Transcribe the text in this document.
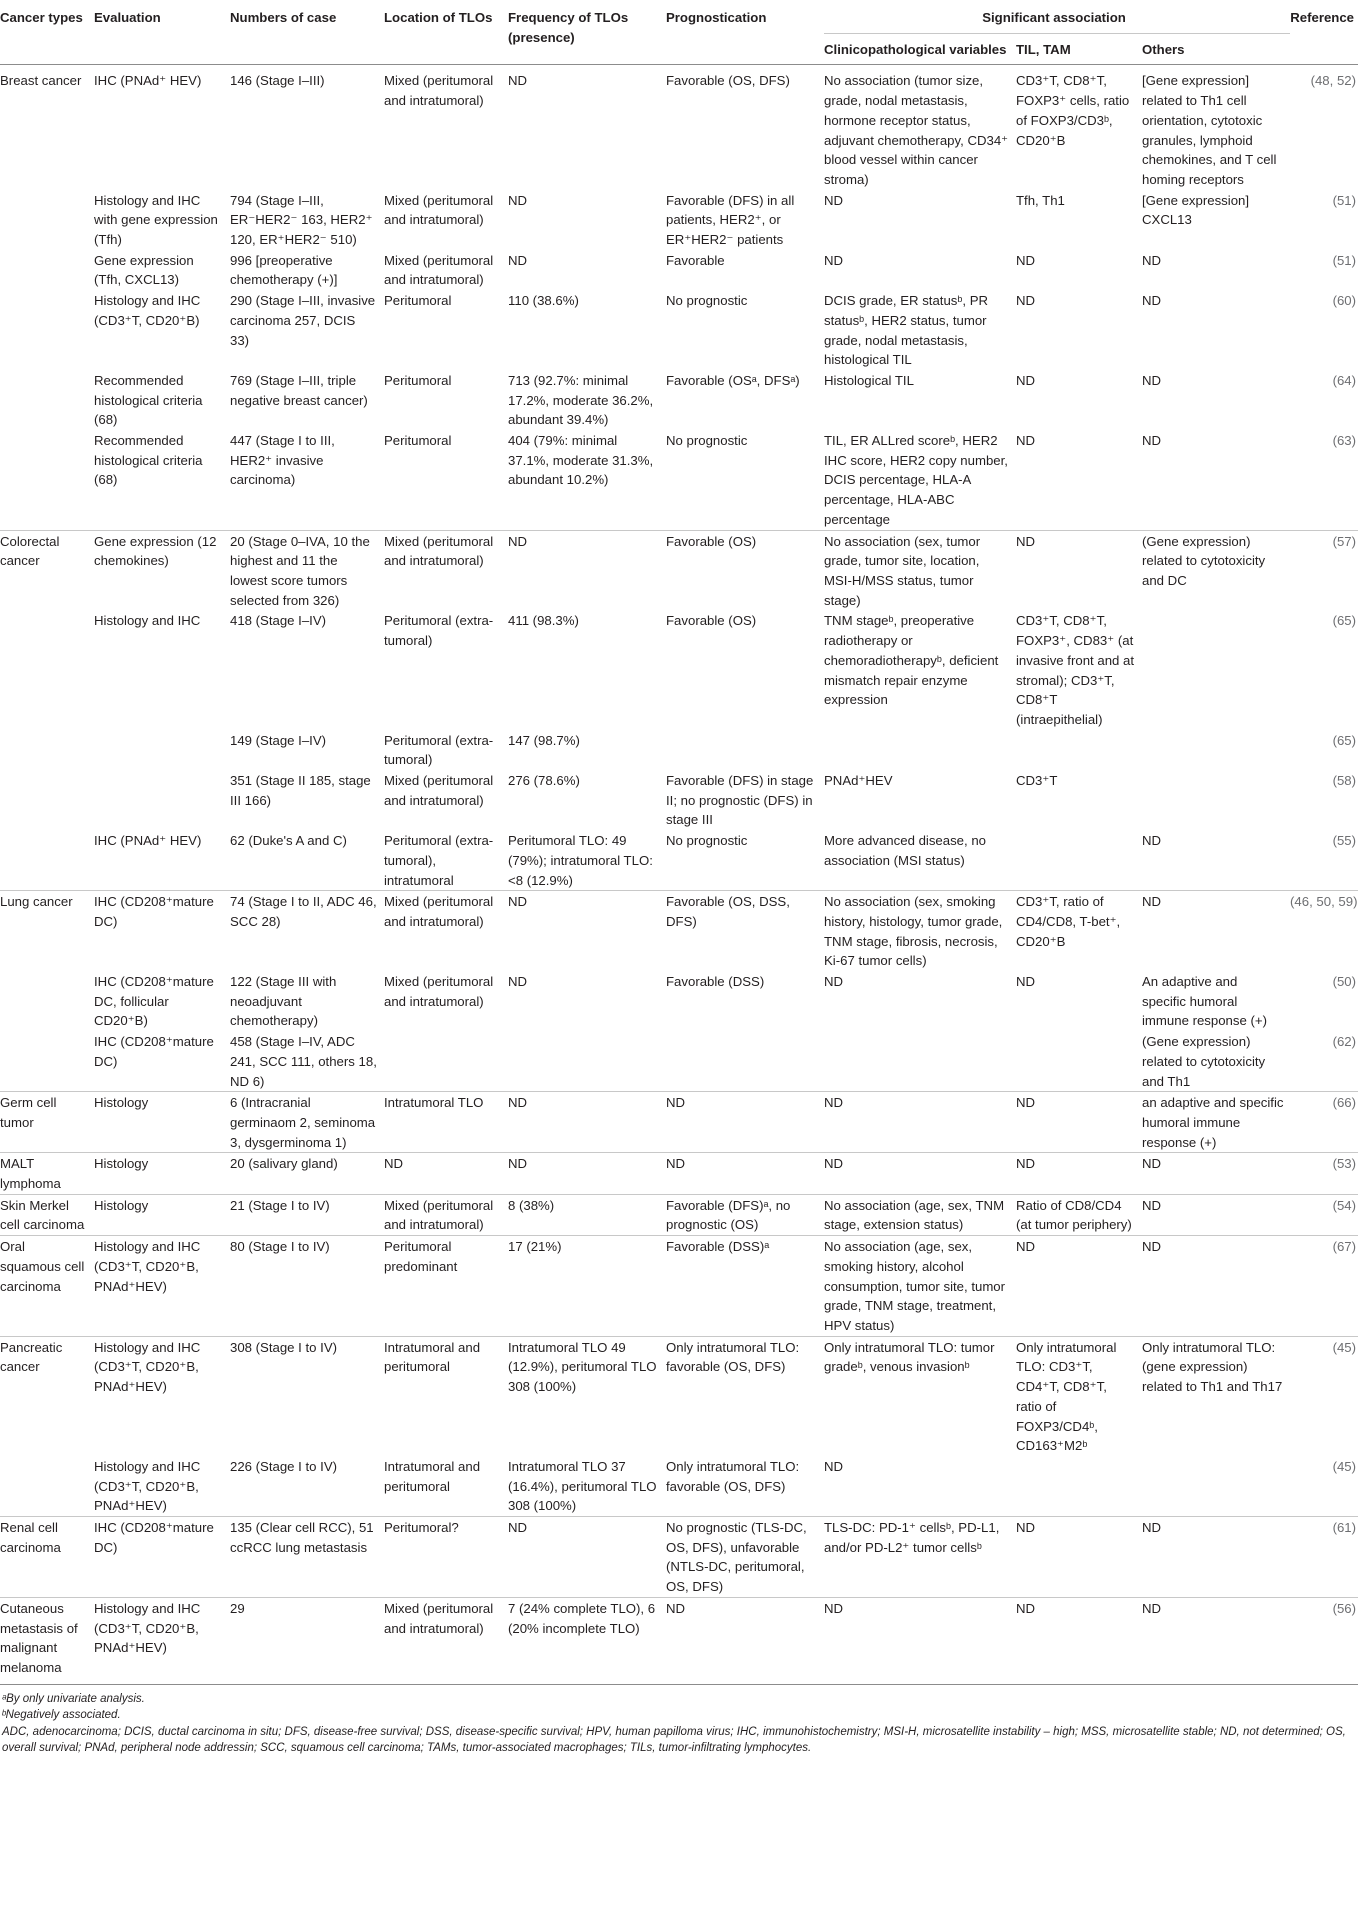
Cancer types	Evaluation	Numbers of case	Location of TLOs	Frequency of TLOs (presence)	Prognostication	Significant association			Reference
						Clinicopathological variables	TIL, TAM	Others	
Breast cancer	IHC (PNAd⁺ HEV)	146 (Stage I–III)	Mixed (peritumoral and intratumoral)	ND	Favorable (OS, DFS)	No association (tumor size, grade, nodal metastasis, hormone receptor status, adjuvant chemotherapy, CD34⁺ blood vessel within cancer stroma)	CD3⁺T, CD8⁺T, FOXP3⁺ cells, ratio of FOXP3/CD3ᵇ, CD20⁺B	[Gene expression] related to Th1 cell orientation, cytotoxic granules, lymphoid chemokines, and T cell homing receptors	(48, 52)
	Histology and IHC with gene expression (Tfh)	794 (Stage I–III, ER⁻HER2⁻ 163, HER2⁺ 120, ER⁺HER2⁻ 510)	Mixed (peritumoral and intratumoral)	ND	Favorable (DFS) in all patients, HER2⁺, or ER⁺HER2⁻ patients	ND	Tfh, Th1	[Gene expression] CXCL13	(51)
	Gene expression (Tfh, CXCL13)	996 [preoperative chemotherapy (+)]	Mixed (peritumoral and intratumoral)	ND	Favorable	ND	ND	ND	(51)
	Histology and IHC (CD3⁺T, CD20⁺B)	290 (Stage I–III, invasive carcinoma 257, DCIS 33)	Peritumoral	110 (38.6%)	No prognostic	DCIS grade, ER statusᵇ, PR statusᵇ, HER2 status, tumor grade, nodal metastasis, histological TIL	ND	ND	(60)
	Recommended histological criteria (68)	769 (Stage I–III, triple negative breast cancer)	Peritumoral	713 (92.7%: minimal 17.2%, moderate 36.2%, abundant 39.4%)	Favorable (OSᵃ, DFSᵃ)	Histological TIL	ND	ND	(64)
	Recommended histological criteria (68)	447 (Stage I to III, HER2⁺ invasive carcinoma)	Peritumoral	404 (79%: minimal 37.1%, moderate 31.3%, abundant 10.2%)	No prognostic	TIL, ER ALLred scoreᵇ, HER2 IHC score, HER2 copy number, DCIS percentage, HLA-A percentage, HLA-ABC percentage	ND	ND	(63)
Colorectal cancer	Gene expression (12 chemokines)	20 (Stage 0–IVA, 10 the highest and 11 the lowest score tumors selected from 326)	Mixed (peritumoral and intratumoral)	ND	Favorable (OS)	No association (sex, tumor grade, tumor site, location, MSI-H/MSS status, tumor stage)	ND	(Gene expression) related to cytotoxicity and DC	(57)
	Histology and IHC	418 (Stage I–IV)	Peritumoral (extra-tumoral)	411 (98.3%)	Favorable (OS)	TNM stageᵇ, preoperative radiotherapy or chemoradiotherapyᵇ, deficient mismatch repair enzyme expression	CD3⁺T, CD8⁺T, FOXP3⁺, CD83⁺ (at invasive front and at stromal); CD3⁺T, CD8⁺T (intraepithelial)		(65)
		149 (Stage I–IV)	Peritumoral (extra-tumoral)	147 (98.7%)					(65)
		351 (Stage II 185, stage III 166)	Mixed (peritumoral and intratumoral)	276 (78.6%)	Favorable (DFS) in stage II; no prognostic (DFS) in stage III	PNAd⁺HEV	CD3⁺T		(58)
	IHC (PNAd⁺ HEV)	62 (Duke's A and C)	Peritumoral (extra-tumoral), intratumoral	Peritumoral TLO: 49 (79%); intratumoral TLO: <8 (12.9%)	No prognostic	More advanced disease, no association (MSI status)		ND	(55)
Lung cancer	IHC (CD208⁺mature DC)	74 (Stage I to II, ADC 46, SCC 28)	Mixed (peritumoral and intratumoral)	ND	Favorable (OS, DSS, DFS)	No association (sex, smoking history, histology, tumor grade, TNM stage, fibrosis, necrosis, Ki-67 tumor cells)	CD3⁺T, ratio of CD4/CD8, T-bet⁺, CD20⁺B	ND	(46, 50, 59)
	IHC (CD208⁺mature DC, follicular CD20⁺B)	122 (Stage III with neoadjuvant chemotherapy)	Mixed (peritumoral and intratumoral)	ND	Favorable (DSS)	ND	ND	An adaptive and specific humoral immune response (+)	(50)
	IHC (CD208⁺mature DC)	458 (Stage I–IV, ADC 241, SCC 111, others 18, ND 6)						(Gene expression) related to cytotoxicity and Th1	(62)
Germ cell tumor	Histology	6 (Intracranial germinaom 2, seminoma 3, dysgerminoma 1)	Intratumoral TLO	ND	ND	ND	ND	an adaptive and specific humoral immune response (+)	(66)
MALT lymphoma	Histology	20 (salivary gland)	ND	ND	ND	ND	ND	ND	(53)
Skin Merkel cell carcinoma	Histology	21 (Stage I to IV)	Mixed (peritumoral and intratumoral)	8 (38%)	Favorable (DFS)ᵃ, no prognostic (OS)	No association (age, sex, TNM stage, extension status)	Ratio of CD8/CD4 (at tumor periphery)	ND	(54)
Oral squamous cell carcinoma	Histology and IHC (CD3⁺T, CD20⁺B, PNAd⁺HEV)	80 (Stage I to IV)	Peritumoral predominant	17 (21%)	Favorable (DSS)ᵃ	No association (age, sex, smoking history, alcohol consumption, tumor site, tumor grade, TNM stage, treatment, HPV status)	ND	ND	(67)
Pancreatic cancer	Histology and IHC (CD3⁺T, CD20⁺B, PNAd⁺HEV)	308 (Stage I to IV)	Intratumoral and peritumoral	Intratumoral TLO 49 (12.9%), peritumoral TLO 308 (100%)	Only intratumoral TLO: favorable (OS, DFS)	Only intratumoral TLO: tumor gradeᵇ, venous invasionᵇ	Only intratumoral TLO: CD3⁺T, CD4⁺T, CD8⁺T, ratio of FOXP3/CD4ᵇ, CD163⁺M2ᵇ	Only intratumoral TLO: (gene expression) related to Th1 and Th17	(45)
	Histology and IHC (CD3⁺T, CD20⁺B, PNAd⁺HEV)	226 (Stage I to IV)	Intratumoral and peritumoral	Intratumoral TLO 37 (16.4%), peritumoral TLO 308 (100%)	Only intratumoral TLO: favorable (OS, DFS)	ND			(45)
Renal cell carcinoma	IHC (CD208⁺mature DC)	135 (Clear cell RCC), 51 ccRCC lung metastasis	Peritumoral?	ND	No prognostic (TLS-DC, OS, DFS), unfavorable (NTLS-DC, peritumoral, OS, DFS)	TLS-DC: PD-1⁺ cellsᵇ, PD-L1, and/or PD-L2⁺ tumor cellsᵇ	ND	ND	(61)
Cutaneous metastasis of malignant melanoma	Histology and IHC (CD3⁺T, CD20⁺B, PNAd⁺HEV)	29	Mixed (peritumoral and intratumoral)	7 (24% complete TLO), 6 (20% incomplete TLO)	ND	ND	ND	ND	(56)

ᵃBy only univariate analysis.

ᵇNegatively associated.

ADC, adenocarcinoma; DCIS, ductal carcinoma in situ; DFS, disease-free survival; DSS, disease-specific survival; HPV, human papilloma virus; IHC, immunohistochemistry; MSI-H, microsatellite instability – high; MSS, microsatellite stable; ND, not determined; OS, overall survival; PNAd, peripheral node addressin; SCC, squamous cell carcinoma; TAMs, tumor-associated macrophages; TILs, tumor-infiltrating lymphocytes.
